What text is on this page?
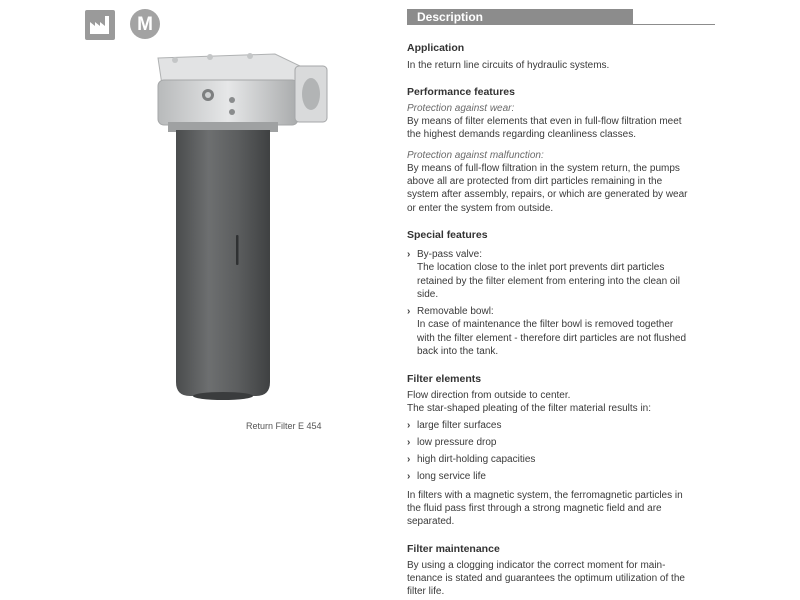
M
Return Filter E 454
Description
Application
In the return line circuits of hydraulic systems.
Performance features
Protection against wear:
By means of filter elements that even in full-flow filtration meet
the highest demands regarding cleanliness classes.
Protection against malfunction:
By means of full-flow filtration in the system return, the pumps
above all are protected from dirt particles remaining in the
system after assembly, repairs, or which are generated by wear
or enter the system from outside.
Special features
› By-pass valve:
The location close to the inlet port prevents dirt particles
retained by the filter element from entering into the clean oil
side.
› Removable bowl:
In case of maintenance the filter bowl is removed together
with the filter element - therefore dirt particles are not flushed
back into the tank.
Filter elements
Flow direction from outside to center.
The star-shaped pleating of the filter material results in:
› large filter surfaces
› low pressure drop
› high dirt-holding capacities
› long service life
In filters with a magnetic system, the ferromagnetic particles in
the fluid pass first through a strong magnetic field and are
separated.
Filter maintenance
By using a clogging indicator the correct moment for main-
tenance is stated and guarantees the optimum utilization of the
filter life.
